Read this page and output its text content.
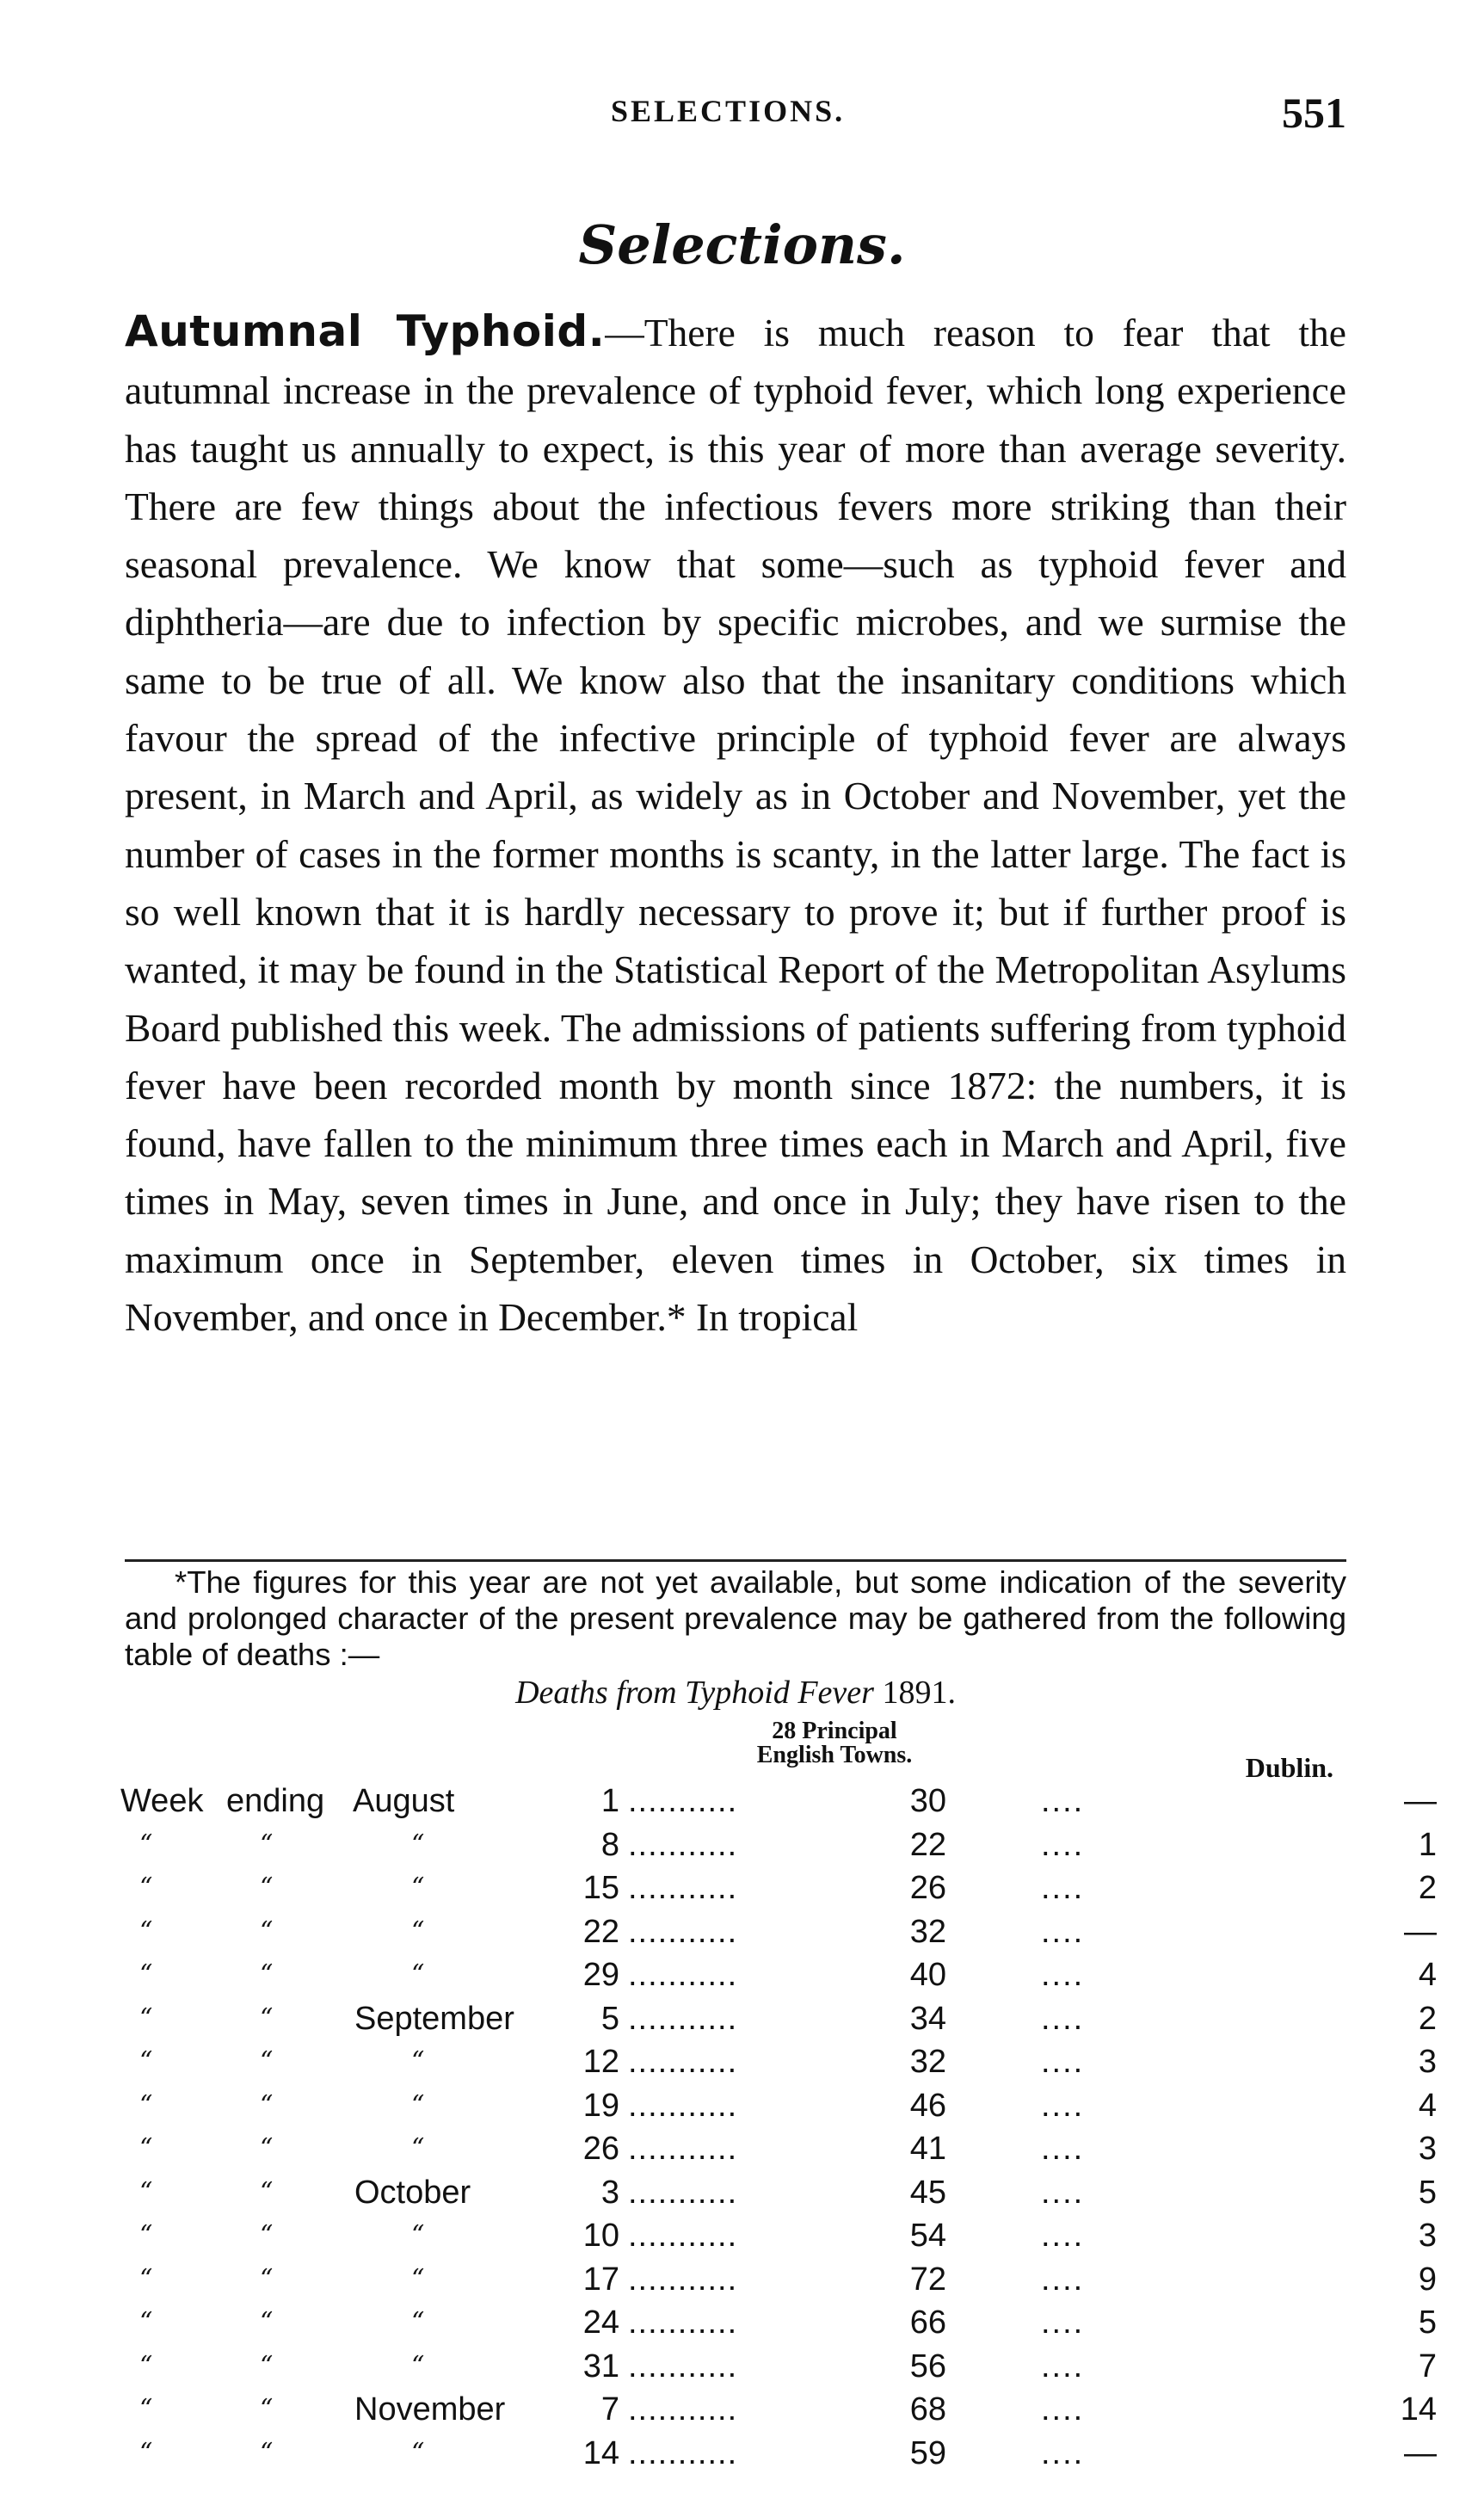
SELECTIONS.	551
Selections.

Autumnal Typhoid.—There is much reason to fear that the autumnal increase in the prevalence of typhoid fever, which long experience has taught us annually to expect, is this year of more than average severity. There are few things about the infectious fevers more striking than their seasonal prevalence. We know that some—such as typhoid fever and diphtheria—are due to infection by specific microbes, and we surmise the same to be true of all. We know also that the insanitary conditions which favour the spread of the infective principle of typhoid fever are always present, in March and April, as widely as in October and November, yet the number of cases in the former months is scanty, in the latter large. The fact is so well known that it is hardly necessary to prove it; but if further proof is wanted, it may be found in the Statistical Report of the Metropolitan Asylums Board published this week. The admissions of patients suffering from typhoid fever have been recorded month by month since 1872: the numbers, it is found, have fallen to the minimum three times each in March and April, five times in May, seven times in June, and once in July; they have risen to the maximum once in September, eleven times in October, six times in November, and once in December.* In tropical

*The figures for this year are not yet available, but some indication of the severity and prolonged character of the present prevalence may be gathered from the following table of deaths :—

Deaths from Typhoid Fever 1891.
28 Principal
English Towns.	Dublin.
Week ending August	1 ...........	30	....	—
“	“	“	8 ...........	22	....	1
“	“	“	15 ...........	26	....	2
“	“	“	22 ...........	32	....	—
“	“	“	29 ...........	40	....	4
“	“ September	5 ...........	34	....	2
“	“	“	12 ...........	32	....	3
“	“	“	19 ...........	46	....	4
“	“	“	26 ...........	41	....	3
“	“ October	3 ...........	45	....	5
“	“	“	10 ...........	54	....	3
“	“	“	17 ...........	72	....	9
“	“	“	24 ...........	66	....	5
“	“	“	31 ...........	56	....	7
“	“ November	7 ...........	68	....	14
“	“	“	14 ...........	59	....	—
